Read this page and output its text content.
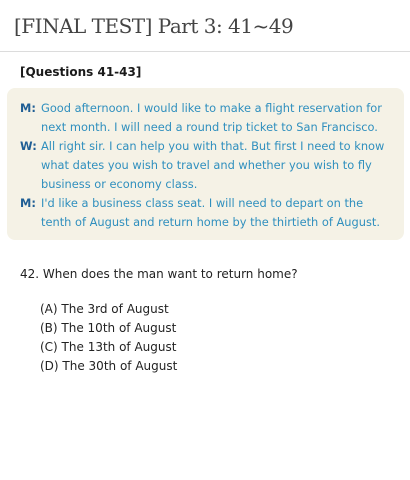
[FINAL TEST] Part 3: 41~49
[Questions 41-43]
M: Good afternoon. I would like to make a flight reservation for
next month. I will need a round trip ticket to San Francisco.
W: All right sir. I can help you with that. But first I need to know
what dates you wish to travel and whether you wish to fly
business or economy class.
M: I'd like a business class seat. I will need to depart on the
tenth of August and return home by the thirtieth of August.
42. When does the man want to return home?
(A) The 3rd of August
(B) The 10th of August
(C) The 13th of August
(D) The 30th of August
